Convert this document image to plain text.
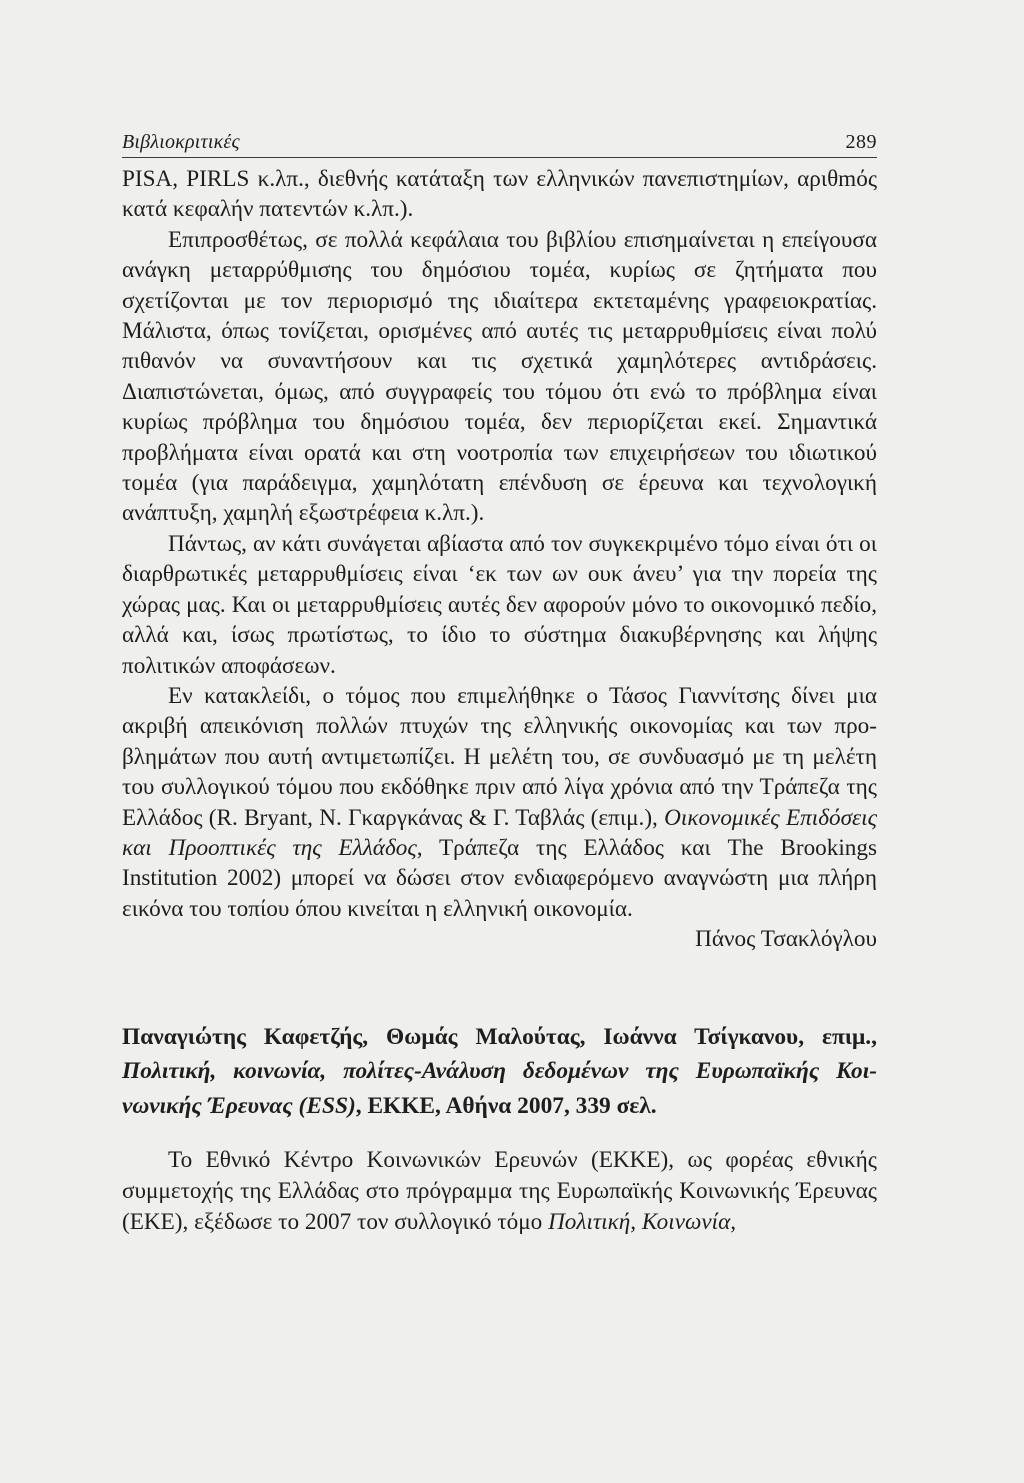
Βιβλιοκριτικές	289

PISA, PIRLS κ.λπ., διεθνής κατάταξη των ελληνικών πανεπιστημίων, αριθmός κατά κεφαλήν πατεντών κ.λπ.).

Επιπροσθέτως, σε πολλά κεφάλαια του βιβλίου επισημαίνεται η επείγουσα ανάγκη μεταρρύθμισης του δημόσιου τομέα, κυρίως σε ζητήματα που σχετίζονται με τον περιορισμό της ιδιαίτερα εκτεταμένης γραφειοκρατίας. Μάλιστα, όπως τονίζεται, ορισμένες από αυτές τις μεταρρυθμίσεις είναι πολύ πιθανόν να συναντήσουν και τις σχετικά χαμηλότερες αντιδράσεις. Διαπιστώνεται, όμως, από συγγραφείς του τόμου ότι ενώ το πρόβλημα είναι κυρίως πρόβλημα του δημόσιου τομέα, δεν περιορίζεται εκεί. Σημαντικά προβλήματα είναι ορατά και στη νοοτροπία των επιχειρήσεων του ιδιωτικού τομέα (για παράδειγμα, χαμηλότατη επένδυση σε έρευνα και τεχνολογική ανάπτυξη, χαμηλή εξωστρέφεια κ.λπ.).

Πάντως, αν κάτι συνάγεται αβίαστα από τον συγκεκριμένο τόμο είναι ότι οι διαρθρωτικές μεταρρυθμίσεις είναι ‘εκ των ων ουκ άνευ’ για την πορεία της χώρας μας. Και οι μεταρρυθμίσεις αυτές δεν αφορούν μόνο το οικονομικό πεδίο, αλλά και, ίσως πρωτίστως, το ίδιο το σύστημα διακυβέρνησης και λήψης πολιτικών αποφάσεων.

Εν κατακλείδι, ο τόμος που επιμελήθηκε ο Τάσος Γιαννίτσης δίνει μια ακριβή απεικόνιση πολλών πτυχών της ελληνικής οικονομίας και των προβλημάτων που αυτή αντιμετωπίζει. Η μελέτη του, σε συνδυασμό με τη μελέτη του συλλογικού τόμου που εκδόθηκε πριν από λίγα χρόνια από την Τράπεζα της Ελλάδος (R. Bryant, N. Γκαργκάνας & Γ. Ταβλάς (επιμ.), Οικονομικές Επιδόσεις και Προοπτικές της Ελλάδος, Τράπεζα της Ελλάδος και The Brookings Institution 2002) μπορεί να δώσει στον ενδιαφερόμενο αναγνώστη μια πλήρη εικόνα του τοπίου όπου κινείται η ελληνική οικονομία.

Πάνος Τσακλόγλου
Παναγιώτης Καφετζής, Θωμάς Μαλούτας, Ιωάννα Τσίγκανου, επιμ., Πολιτική, κοινωνία, πολίτες-Ανάλυση δεδομένων της Ευρωπαϊκής Κοινωνικής Έρευνας (ESS), ΕΚΚΕ, Αθήνα 2007, 339 σελ.
Το Εθνικό Κέντρο Κοινωνικών Ερευνών (ΕΚΚΕ), ως φορέας εθνικής συμμετοχής της Ελλάδας στο πρόγραμμα της Ευρωπαϊκής Κοινωνικής Έρευνας (ΕΚΕ), εξέδωσε το 2007 τον συλλογικό τόμο Πολιτική, Κοινωνία,
